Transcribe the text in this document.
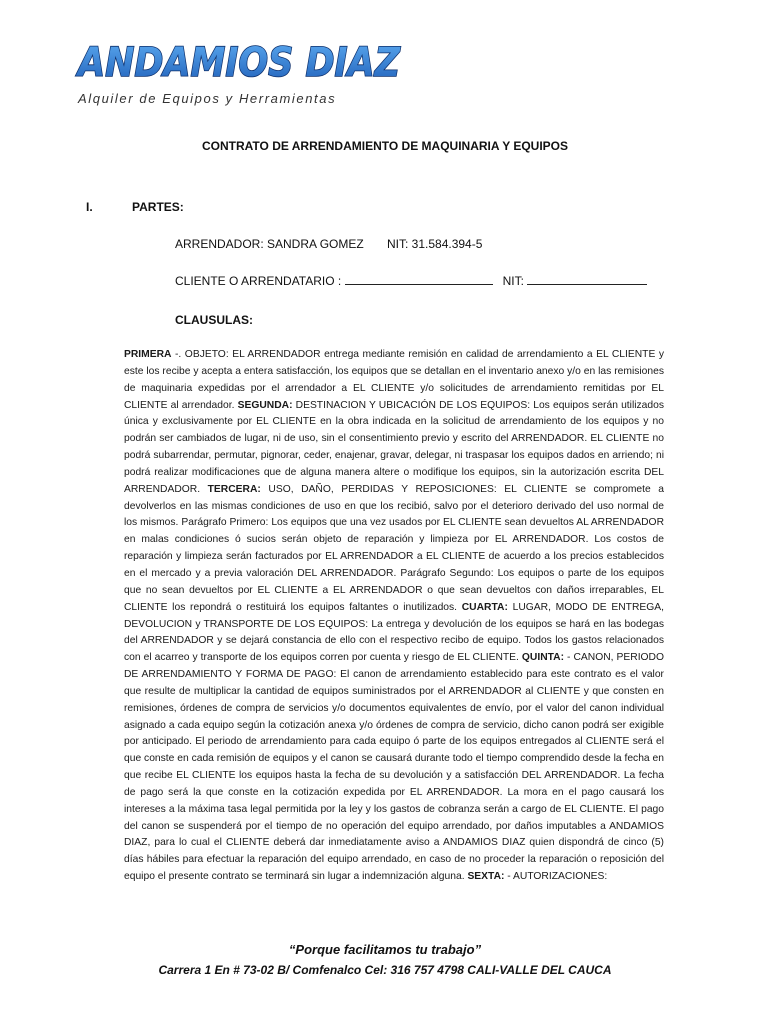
ANDAMIOS DIAZ
Alquiler de Equipos y Herramientas
CONTRATO DE ARRENDAMIENTO DE MAQUINARIA Y EQUIPOS
I.	PARTES:
ARRENDADOR: SANDRA GOMEZ NIT: 31.584.394-5
CLIENTE O ARRENDATARIO :	NIT:
CLAUSULAS:
PRIMERA -. OBJETO: EL ARRENDADOR entrega mediante remisión en calidad de arrendamiento a EL CLIENTE y este los recibe y acepta a entera satisfacción, los equipos que se detallan en el inventario anexo y/o en las remisiones de maquinaria expedidas por el arrendador a EL CLIENTE y/o solicitudes de arrendamiento remitidas por EL CLIENTE al arrendador. SEGUNDA: DESTINACION Y UBICACIÓN DE LOS EQUIPOS: Los equipos serán utilizados única y exclusivamente por EL CLIENTE en la obra indicada en la solicitud de arrendamiento de los equipos y no podrán ser cambiados de lugar, ni de uso, sin el consentimiento previo y escrito del ARRENDADOR. EL CLIENTE no podrá subarrendar, permutar, pignorar, ceder, enajenar, gravar, delegar, ni traspasar los equipos dados en arriendo; ni podrá realizar modificaciones que de alguna manera altere o modifique los equipos, sin la autorización escrita DEL ARRENDADOR. TERCERA: USO, DAÑO, PERDIDAS Y REPOSICIONES: EL CLIENTE se compromete a devolverlos en las mismas condiciones de uso en que los recibió, salvo por el deterioro derivado del uso normal de los mismos. Parágrafo Primero: Los equipos que una vez usados por EL CLIENTE sean devueltos AL ARRENDADOR en malas condiciones ó sucios serán objeto de reparación y limpieza por EL ARRENDADOR. Los costos de reparación y limpieza serán facturados por EL ARRENDADOR a EL CLIENTE de acuerdo a los precios establecidos en el mercado y a previa valoración DEL ARRENDADOR. Parágrafo Segundo: Los equipos o parte de los equipos que no sean devueltos por EL CLIENTE a EL ARRENDADOR o que sean devueltos con daños irreparables, EL CLIENTE los repondrá o restituirá los equipos faltantes o inutilizados. CUARTA: LUGAR, MODO DE ENTREGA, DEVOLUCION y TRANSPORTE DE LOS EQUIPOS: La entrega y devolución de los equipos se hará en las bodegas del ARRENDADOR y se dejará constancia de ello con el respectivo recibo de equipo. Todos los gastos relacionados con el acarreo y transporte de los equipos corren por cuenta y riesgo de EL CLIENTE. QUINTA: - CANON, PERIODO DE ARRENDAMIENTO Y FORMA DE PAGO: El canon de arrendamiento establecido para este contrato es el valor que resulte de multiplicar la cantidad de equipos suministrados por el ARRENDADOR al CLIENTE y que consten en remisiones, órdenes de compra de servicios y/o documentos equivalentes de envío, por el valor del canon individual asignado a cada equipo según la cotización anexa y/o órdenes de compra de servicio, dicho canon podrá ser exigible por anticipado. El periodo de arrendamiento para cada equipo ó parte de los equipos entregados al CLIENTE será el que conste en cada remisión de equipos y el canon se causará durante todo el tiempo comprendido desde la fecha en que recibe EL CLIENTE los equipos hasta la fecha de su devolución y a satisfacción DEL ARRENDADOR. La fecha de pago será la que conste en la cotización expedida por EL ARRENDADOR. La mora en el pago causará los intereses a la máxima tasa legal permitida por la ley y los gastos de cobranza serán a cargo de EL CLIENTE. El pago del canon se suspenderá por el tiempo de no operación del equipo arrendado, por daños imputables a ANDAMIOS DIAZ, para lo cual el CLIENTE deberá dar inmediatamente aviso a ANDAMIOS DIAZ quien dispondrá de cinco (5) días hábiles para efectuar la reparación del equipo arrendado, en caso de no proceder la reparación o reposición del equipo el presente contrato se terminará sin lugar a indemnización alguna. SEXTA: - AUTORIZACIONES:
“Porque facilitamos tu trabajo”
Carrera 1 En # 73-02 B/ Comfenalco Cel: 316 757 4798 CALI-VALLE DEL CAUCA
